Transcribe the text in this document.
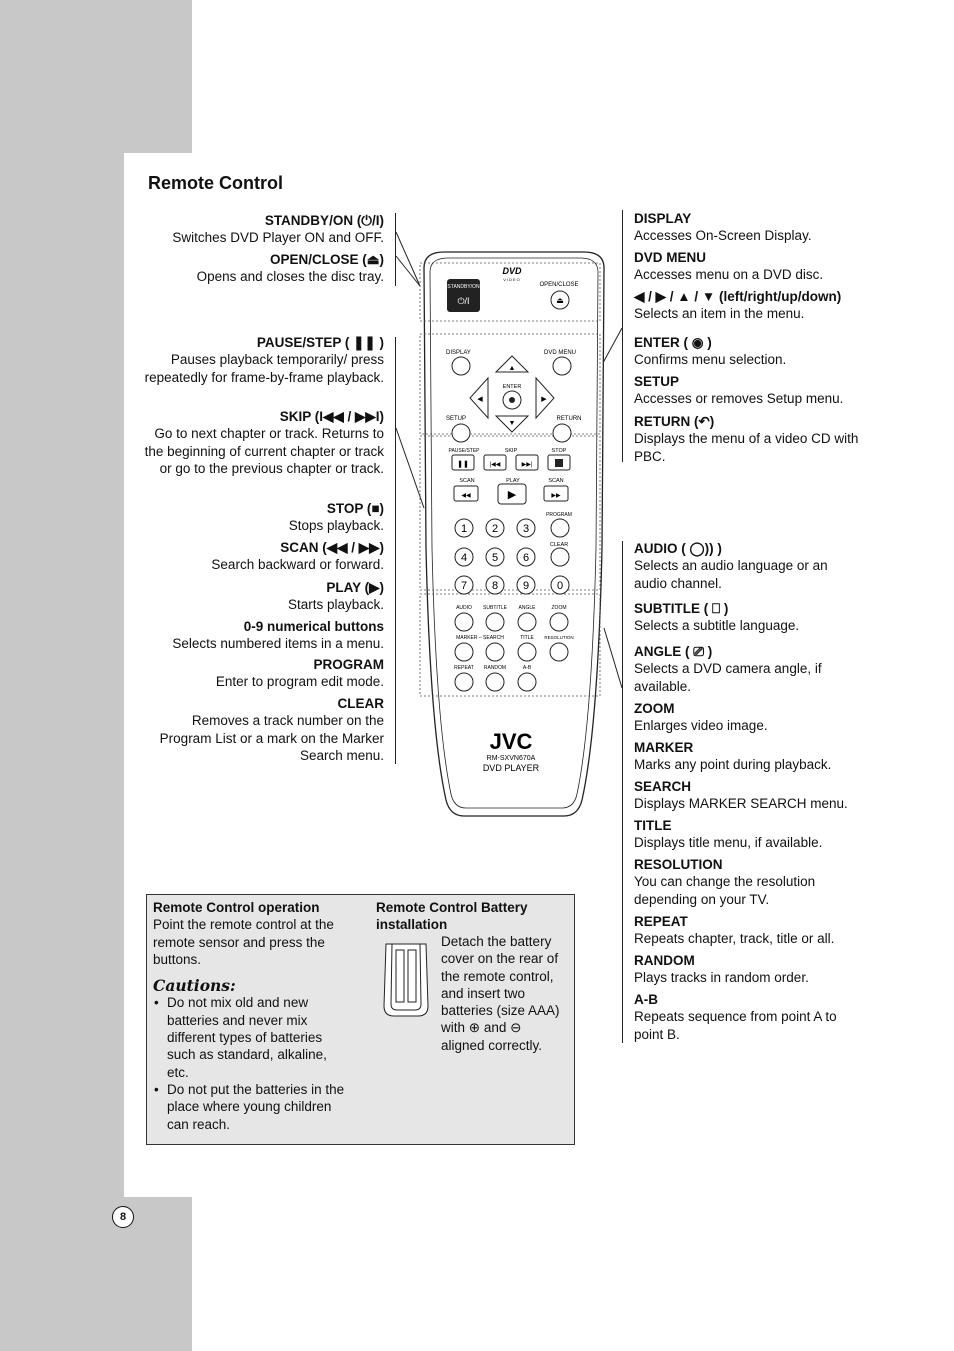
8
Remote Control
STANDBY/ON (⏻/I)
Switches DVD Player ON and OFF.
OPEN/CLOSE (⏏)
Opens and closes the disc tray.
PAUSE/STEP ( ❚❚ )
Pauses playback temporarily/ press repeatedly for frame-by-frame playback.
SKIP (I◀◀ / ▶▶I)
Go to next chapter or track. Returns to the beginning of current chapter or track or go to the previous chapter or track.
STOP (■)
Stops playback.
SCAN (◀◀ / ▶▶)
Search backward or forward.
PLAY (▶)
Starts playback.
0-9 numerical buttons
Selects numbered items in a menu.
PROGRAM
Enter to program edit mode.
CLEAR
Removes a track number on the Program List or a mark on the Marker Search menu.
DISPLAY
Accesses On-Screen Display.
DVD MENU
Accesses menu on a DVD disc.
◀ / ▶ / ▲ / ▼ (left/right/up/down)
Selects an item in the menu.
ENTER ( ◉ )
Confirms menu selection.
SETUP
Accesses or removes Setup menu.
RETURN (↶)
Displays the menu of a video CD with PBC.
AUDIO ( ◯)) )
Selects an audio language or an audio channel.
SUBTITLE ( ⎕ )
Selects a subtitle language.
ANGLE ( ⎚ )
Selects a DVD camera angle, if available.
ZOOM
Enlarges video image.
MARKER
Marks any point during playback.
SEARCH
Displays MARKER SEARCH menu.
TITLE
Displays title menu, if available.
RESOLUTION
You can change the resolution depending on your TV.
REPEAT
Repeats chapter, track, title or all.
RANDOM
Plays tracks in random order.
A-B
Repeats sequence from point A to point B.
STANDBY/ON
⏻/I
DVD
VIDEO
OPEN/CLOSE
⏏
DISPLAY	DVD MENU
▲
▼
◀	▶
ENTER
SETUP	RETURN
PAUSE/STEP	SKIP	STOP
❚❚	|◀◀	▶▶|
SCAN	PLAY	SCAN
◀◀	▶	▶▶
PROGRAM
1 2 3
CLEAR
4 5 6
7 8 9	0
AUDIO SUBTITLE ANGLE	ZOOM
MARKER – SEARCH	TITLE RESOLUTION
REPEAT RANDOM	A-B
JVC
RM-SXVN670A
DVD PLAYER
Remote Control operation
Point the remote control at the remote sensor and press the buttons.
Cautions:
• Do not mix old and new batteries and never mix different types of batteries such as standard, alkaline, etc.
• Do not put the batteries in the place where young children can reach.
Remote Control Battery installation
Detach the battery cover on the rear of the remote control, and insert two batteries (size AAA) with ⊕ and ⊖ aligned correctly.
